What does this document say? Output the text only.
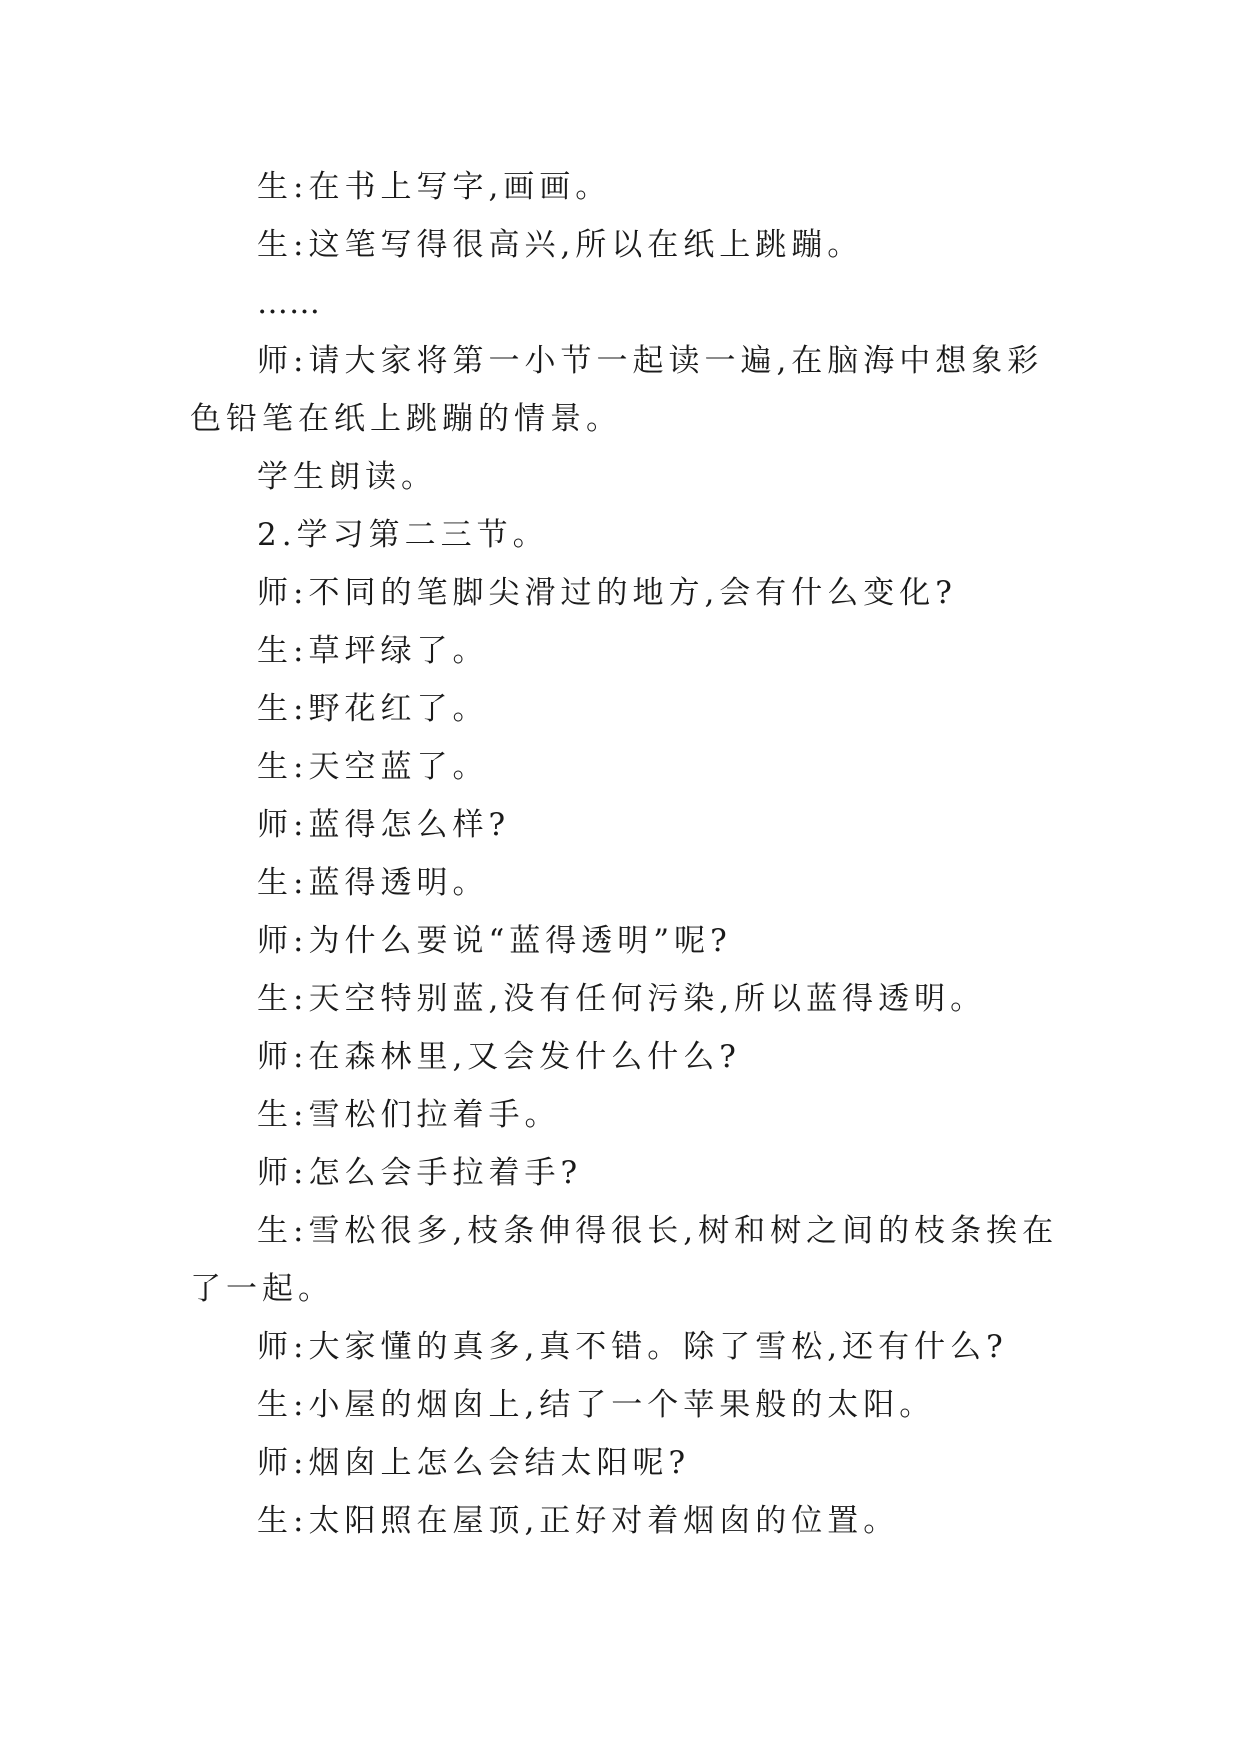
生:在书上写字,画画。

生:这笔写得很高兴,所以在纸上跳蹦。

……

师:请大家将第一小节一起读一遍,在脑海中想象彩色铅笔在纸上跳蹦的情景。

学生朗读。

2.学习第二三节。

师:不同的笔脚尖滑过的地方,会有什么变化?

生:草坪绿了。

生:野花红了。

生:天空蓝了。

师:蓝得怎么样?

生:蓝得透明。

师:为什么要说“蓝得透明”呢?

生:天空特别蓝,没有任何污染,所以蓝得透明。

师:在森林里,又会发什么什么?

生:雪松们拉着手。

师:怎么会手拉着手?

生:雪松很多,枝条伸得很长,树和树之间的枝条挨在了一起。

师:大家懂的真多,真不错。除了雪松,还有什么?

生:小屋的烟囱上,结了一个苹果般的太阳。

师:烟囱上怎么会结太阳呢?

生:太阳照在屋顶,正好对着烟囱的位置。
